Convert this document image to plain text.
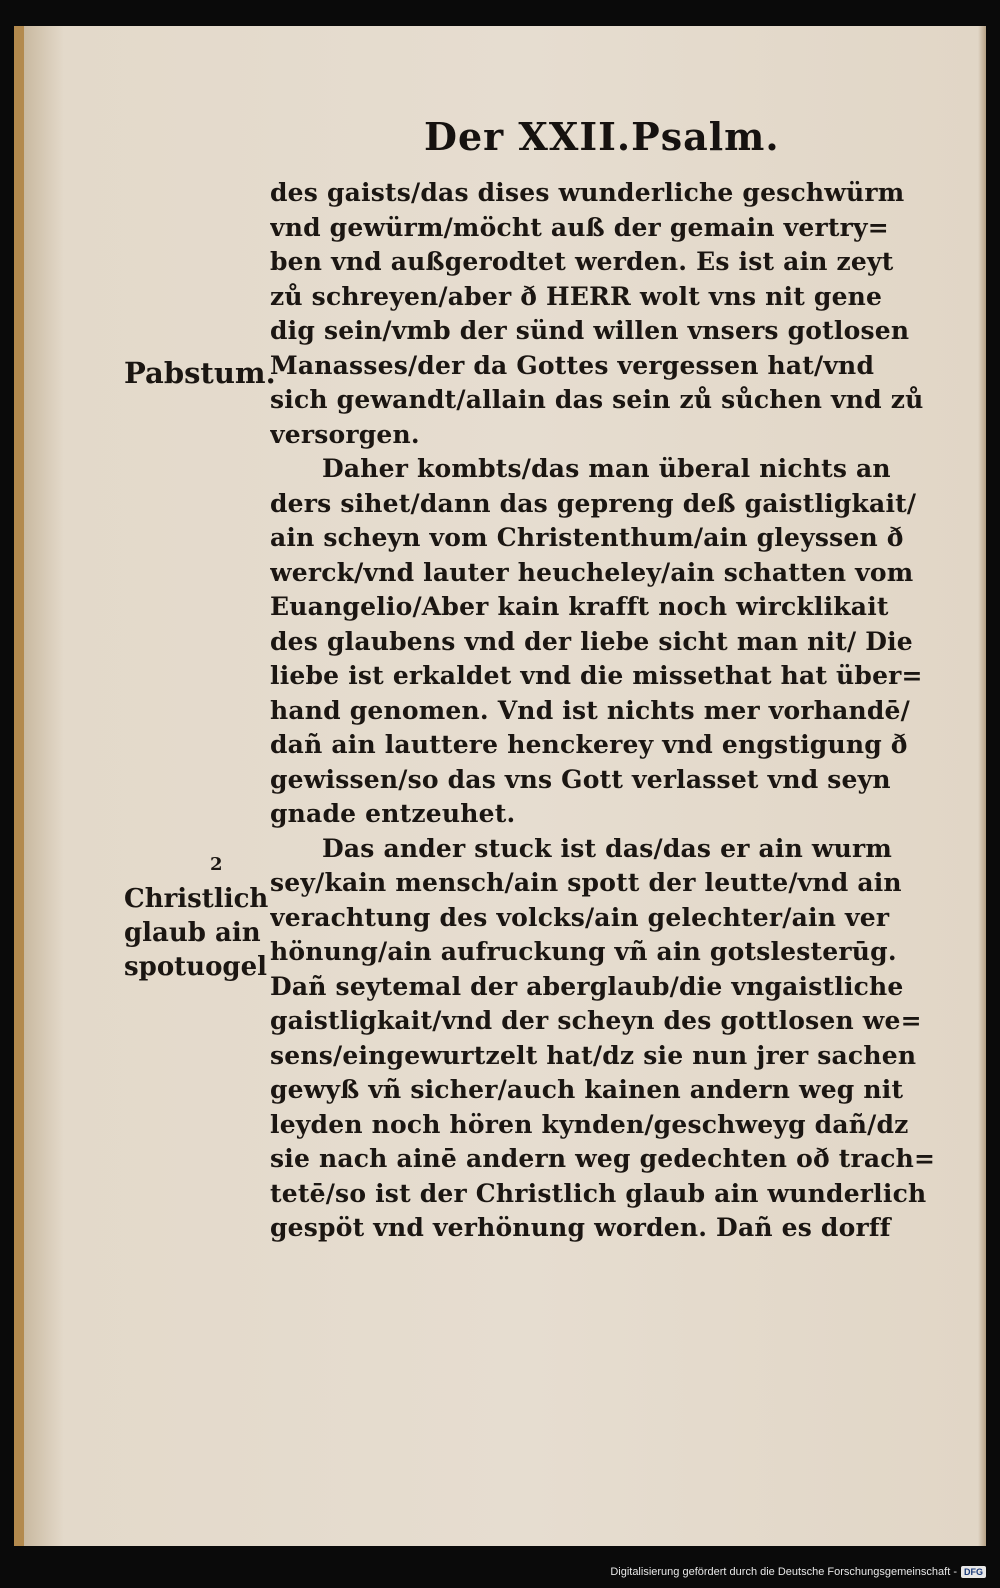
Der XXII.Psalm.
Pabstum.
2
Christlich
glaub ain
spotuogel
des gaists/das dises wunderliche geschwürm
vnd gewürm/möcht auß der gemain vertry=
ben vnd außgerodtet werden. Es ist ain zeyt
zů schreyen/aber ð HERR wolt vns nit gene
dig sein/vmb der sünd willen vnsers gotlosen
Manasses/der da Gottes vergessen hat/vnd
sich gewandt/allain das sein zů sůchen vnd zů
versorgen.
Daher kombts/das man überal nichts an
ders sihet/dann das gepreng deß gaistligkait/
ain scheyn vom Christenthum/ain gleyssen ð
werck/vnd lauter heucheley/ain schatten vom
Euangelio/Aber kain krafft noch wircklikait
des glaubens vnd der liebe sicht man nit/ Die
liebe ist erkaldet vnd die missethat hat über=
hand genomen. Vnd ist nichts mer vorhandē/
dañ ain lauttere henckerey vnd engstigung ð
gewissen/so das vns Gott verlasset vnd seyn
gnade entzeuhet.
Das ander stuck ist das/das er ain wurm
sey/kain mensch/ain spott der leutte/vnd ain
verachtung des volcks/ain gelechter/ain ver
hönung/ain aufruckung vñ ain gotslesterūg.
Dañ seytemal der aberglaub/die vngaistliche
gaistligkait/vnd der scheyn des gottlosen we=
sens/eingewurtzelt hat/dz sie nun jrer sachen
gewyß vñ sicher/auch kainen andern weg nit
leyden noch hören kynden/geschweyg dañ/dz
sie nach ainē andern weg gedechten oð trach=
tetē/so ist der Christlich glaub ain wunderlich
gespöt vnd verhönung worden. Dañ es dorff
Digitalisierung gefördert durch die Deutsche Forschungsgemeinschaft - DFG
